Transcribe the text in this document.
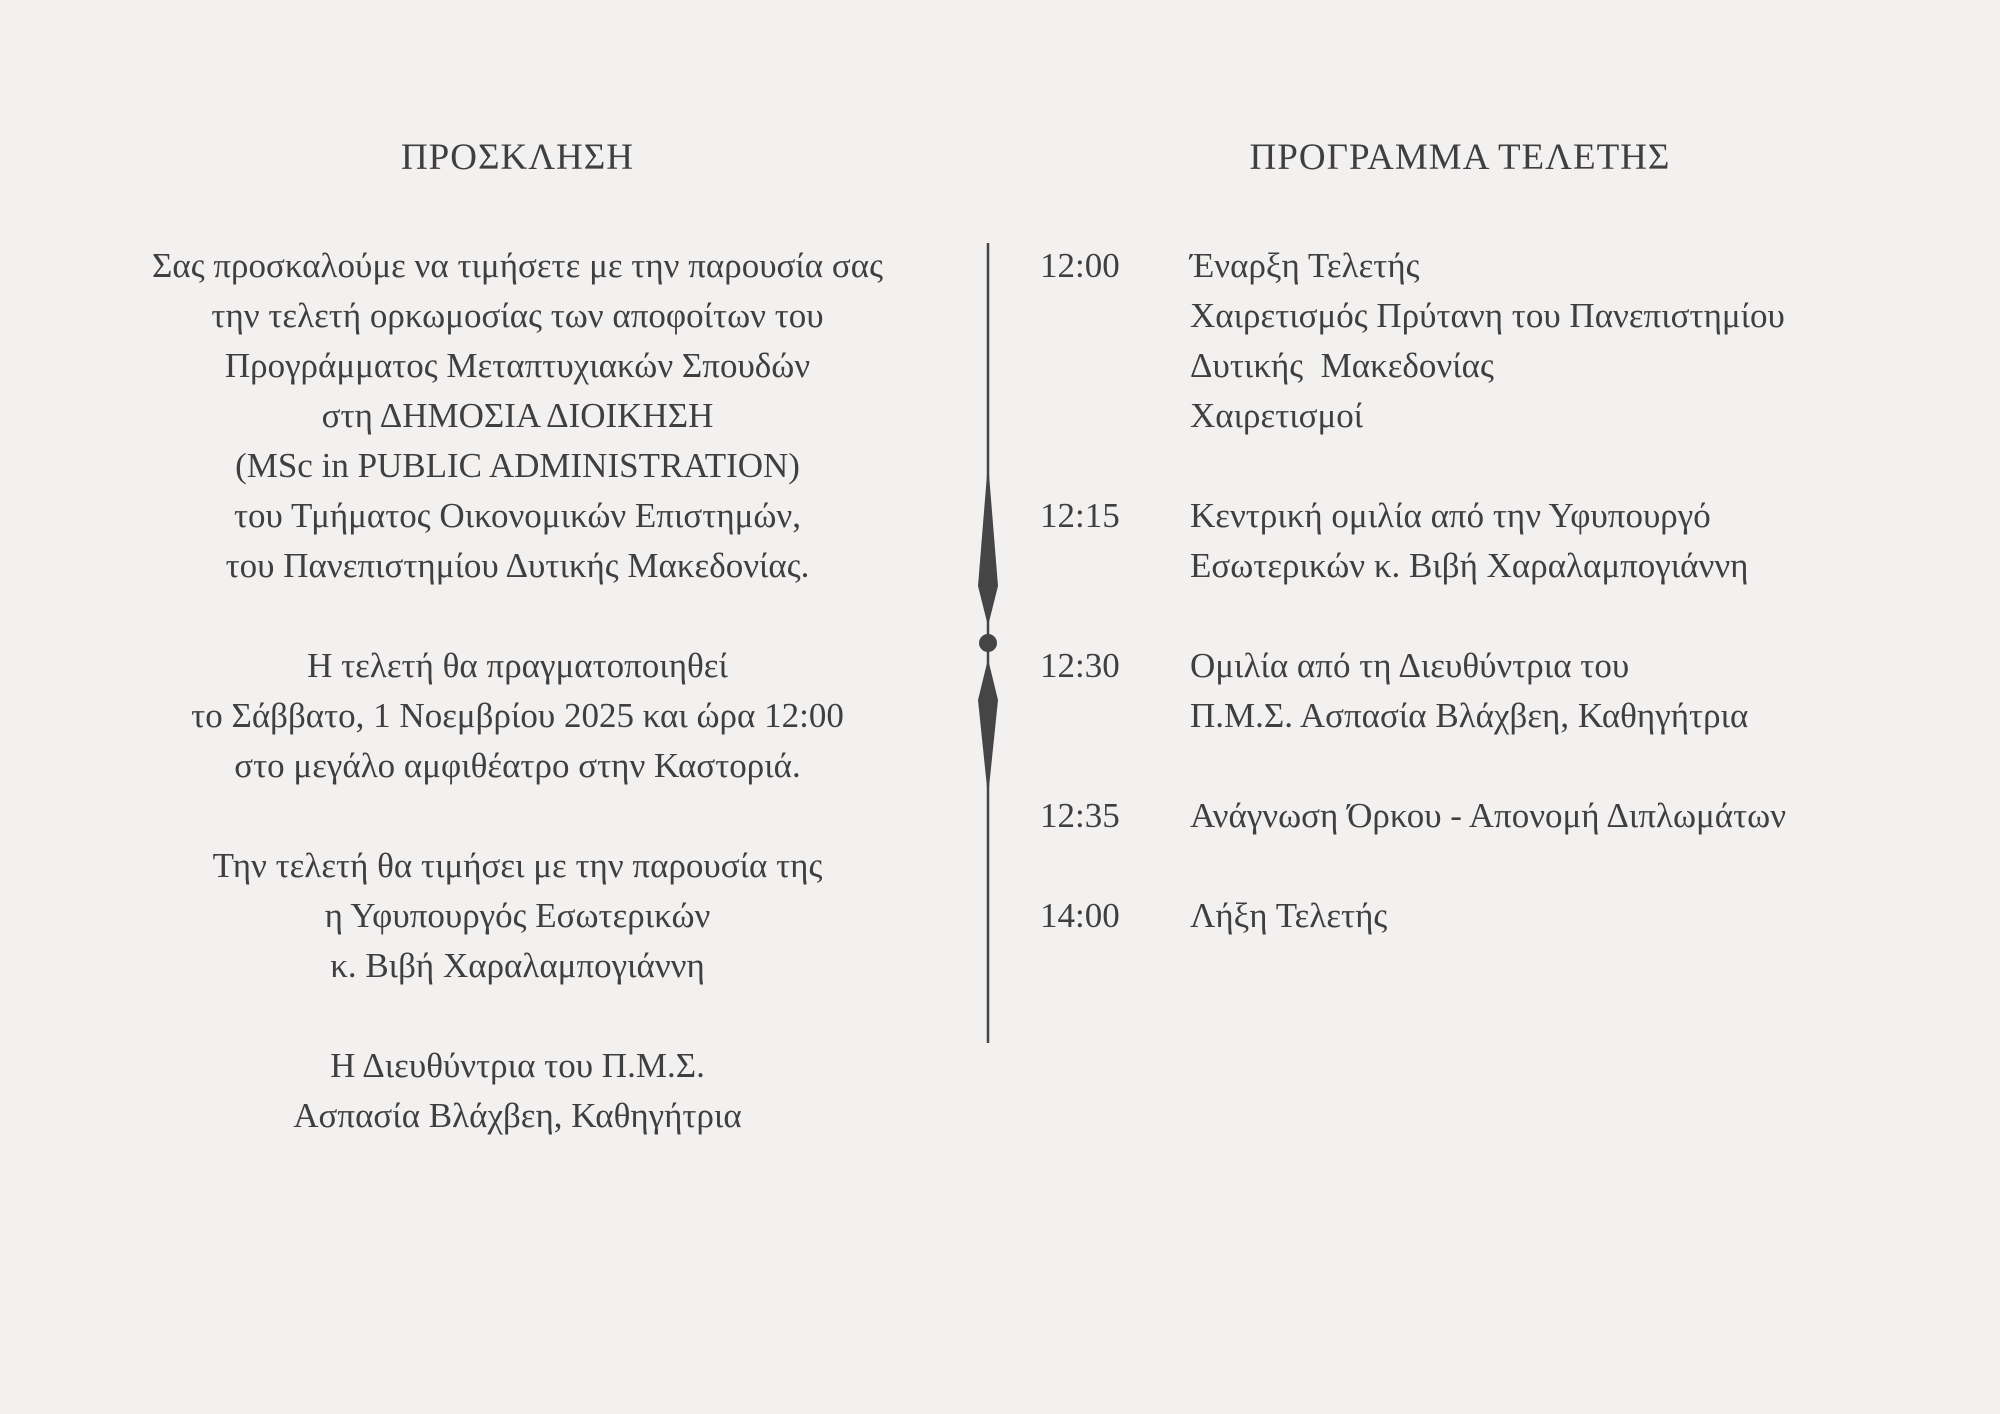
ΠΡΟΣΚΛΗΣΗ

Σας προσκαλούμε να τιμήσετε με την παρουσία σας
την τελετή ορκωμοσίας των αποφοίτων του
Προγράμματος Μεταπτυχιακών Σπουδών
στη ΔΗΜΟΣΙΑ ΔΙΟΙΚΗΣΗ
(MSc in PUBLIC ADMINISTRATION)
του Τμήματος Οικονομικών Επιστημών,
του Πανεπιστημίου Δυτικής Μακεδονίας.

Η τελετή θα πραγματοποιηθεί
το Σάββατο, 1 Νοεμβρίου 2025 και ώρα 12:00
στο μεγάλο αμφιθέατρο στην Καστοριά.

Την τελετή θα τιμήσει με την παρουσία της
η Υφυπουργός Εσωτερικών
κ. Βιβή Χαραλαμπογιάννη

Η Διευθύντρια του Π.Μ.Σ.
Ασπασία Βλάχβεη, Καθηγήτρια

ΠΡΟΓΡΑΜΜΑ ΤΕΛΕΤΗΣ
12:00	Έναρξη Τελετής
Χαιρετισμός Πρύτανη του Πανεπιστημίου
Δυτικής  Μακεδονίας
Χαιρετισμοί
12:15	Κεντρική ομιλία από την Υφυπουργό
Εσωτερικών κ. Βιβή Χαραλαμπογιάννη
12:30	Ομιλία από τη Διευθύντρια του
Π.Μ.Σ. Ασπασία Βλάχβεη, Καθηγήτρια
12:35	Ανάγνωση Όρκου - Απονομή Διπλωμάτων
14:00	Λήξη Τελετής
